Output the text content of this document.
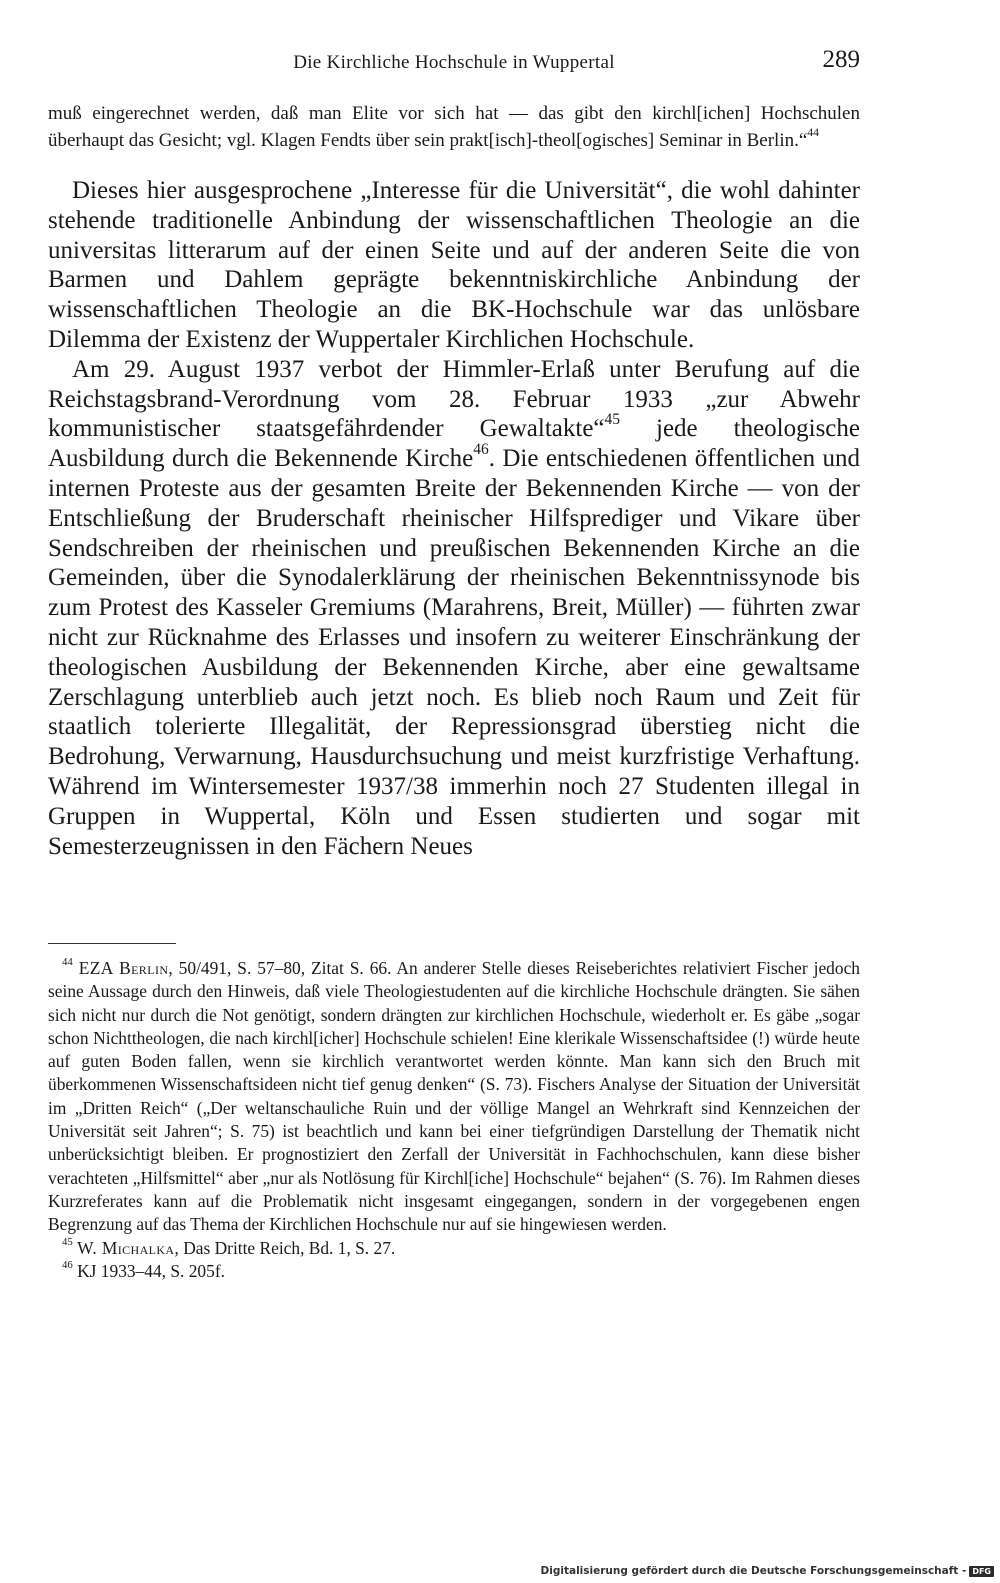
Die Kirchliche Hochschule in Wuppertal	289

muß eingerechnet werden, daß man Elite vor sich hat — das gibt den kirchl[ichen] Hochschulen überhaupt das Gesicht; vgl. Klagen Fendts über sein prakt[isch]-theol[ogisches] Seminar in Berlin.“$^{44}$

Dieses hier ausgesprochene „Interesse für die Universität“, die wohl dahinter stehende traditionelle Anbindung der wissenschaftlichen Theologie an die universitas litterarum auf der einen Seite und auf der anderen Seite die von Barmen und Dahlem geprägte bekenntniskirchliche Anbindung der wissenschaftlichen Theologie an die BK-Hochschule war das unlösbare Dilemma der Existenz der Wuppertaler Kirchlichen Hochschule.

Am 29. August 1937 verbot der Himmler-Erlaß unter Berufung auf die Reichstagsbrand-Verordnung vom 28. Februar 1933 „zur Abwehr kommunistischer staatsgefährdender Gewaltakte“$^{45}$ jede theologische Ausbildung durch die Bekennende Kirche$^{46}$. Die entschiedenen öffentlichen und internen Proteste aus der gesamten Breite der Bekennenden Kirche — von der Entschließung der Bruderschaft rheinischer Hilfsprediger und Vikare über Sendschreiben der rheinischen und preußischen Bekennenden Kirche an die Gemeinden, über die Synodalerklärung der rheinischen Bekenntnissynode bis zum Protest des Kasseler Gremiums (Marahrens, Breit, Müller) — führten zwar nicht zur Rücknahme des Erlasses und insofern zu weiterer Einschränkung der theologischen Ausbildung der Bekennenden Kirche, aber eine gewaltsame Zerschlagung unterblieb auch jetzt noch. Es blieb noch Raum und Zeit für staatlich tolerierte Illegalität, der Repressionsgrad überstieg nicht die Bedrohung, Verwarnung, Hausdurchsuchung und meist kurzfristige Verhaftung. Während im Wintersemester 1937/38 immerhin noch 27 Studenten illegal in Gruppen in Wuppertal, Köln und Essen studierten und sogar mit Semesterzeugnissen in den Fächern Neues

$^{44}$ EZA Berlin, 50/491, S. 57–80, Zitat S. 66. An anderer Stelle dieses Reiseberichtes relativiert Fischer jedoch seine Aussage durch den Hinweis, daß viele Theologiestudenten auf die kirchliche Hochschule drängten. Sie sähen sich nicht nur durch die Not genötigt, sondern drängten zur kirchlichen Hochschule, wiederholt er. Es gäbe „sogar schon Nichttheologen, die nach kirchl[icher] Hochschule schielen! Eine klerikale Wissenschaftsidee (!) würde heute auf guten Boden fallen, wenn sie kirchlich verantwortet werden könnte. Man kann sich den Bruch mit überkommenen Wissenschaftsideen nicht tief genug denken“ (S. 73). Fischers Analyse der Situation der Universität im „Dritten Reich“ („Der weltanschauliche Ruin und der völlige Mangel an Wehrkraft sind Kennzeichen der Universität seit Jahren“; S. 75) ist beachtlich und kann bei einer tiefgründigen Darstellung der Thematik nicht unberücksichtigt bleiben. Er prognostiziert den Zerfall der Universität in Fachhochschulen, kann diese bisher verachteten „Hilfsmittel“ aber „nur als Notlösung für Kirchl[iche] Hochschule“ bejahen“ (S. 76). Im Rahmen dieses Kurzreferates kann auf die Problematik nicht insgesamt eingegangen, sondern in der vorgegebenen engen Begrenzung auf das Thema der Kirchlichen Hochschule nur auf sie hingewiesen werden.

$^{45}$ W. Michalka, Das Dritte Reich, Bd. 1, S. 27.

$^{46}$ KJ 1933–44, S. 205f.

Digitalisierung gefördert durch die Deutsche Forschungsgemeinschaft - DFG
